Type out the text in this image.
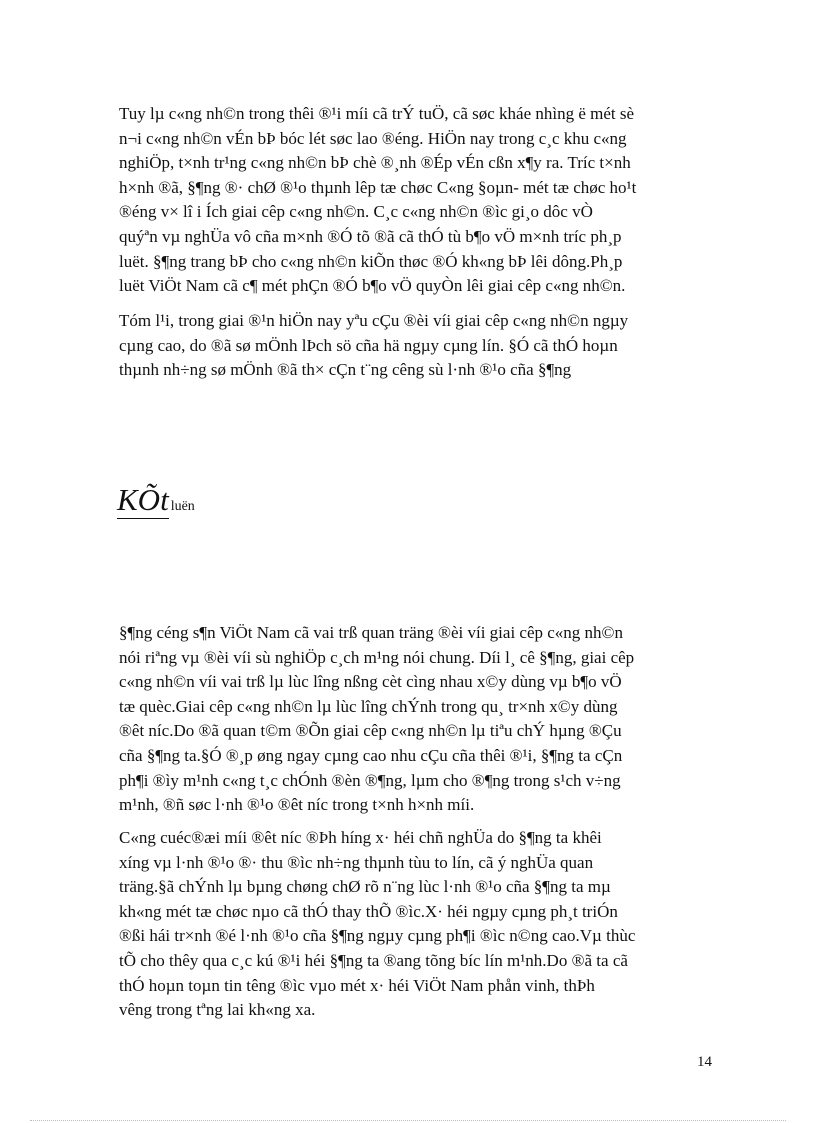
Tuy lµ c«ng nh©n trong thêi ®¹i míi cã trÝ tuÖ, cã søc kháe nhìng ë mét sè
n¬i c«ng nh©n vÉn bÞ bóc lét søc lao ®éng. HiÖn nay trong c¸c khu c«ng
nghiÖp, t×nh tr¹ng c«ng nh©n bÞ chè ®¸nh ®Ép vÉn cßn x¶y ra. Tríc t×nh
h×nh ®ã, §¶ng ®· chØ ®¹o thµnh lêp tæ chøc C«ng §oµn- mét tæ chøc ho¹t
®éng v× lî i Ích giai cêp c«ng nh©n. C¸c c«ng nh©n ®ìc gi¸o dôc vÒ
quýªn vµ nghÜa vô cña m×nh ®Ó tõ ®ã cã thÓ tù b¶o vÖ m×nh tríc ph¸p
luët. §¶ng trang bÞ cho c«ng nh©n kiÕn thøc ®Ó kh«ng bÞ lêi dông.Ph¸p
luët ViÖt Nam cã c¶ mét phÇn ®Ó b¶o vÖ quyÒn lêi giai cêp c«ng nh©n.

Tóm l¹i, trong giai ®¹n hiÖn nay yªu cÇu ®èi víi giai cêp c«ng nh©n ngµy
cµng cao, do ®ã sø mÖnh lÞch sö cña hä ngµy cµng lín. §Ó cã thÓ hoµn
thµnh nh÷ng sø mÖnh ®ã th× cÇn t¨ng cêng sù l·nh ®¹o cña §¶ng

KÕt luën

§¶ng céng s¶n ViÖt Nam cã vai trß quan träng ®èi víi giai cêp c«ng nh©n
nói riªng vµ ®èi víi sù nghiÖp c¸ch m¹ng nói chung. Díi l¸ cê §¶ng, giai cêp
c«ng nh©n víi vai trß lµ lùc lîng nßng cèt cìng nhau x©y dùng vµ b¶o vÖ
tæ quèc.Giai cêp c«ng nh©n lµ lùc lîng chÝnh trong qu¸ tr×nh x©y dùng
®êt níc.Do ®ã quan t©m ®Õn giai cêp c«ng nh©n lµ tiªu chÝ hµng ®Çu
cña §¶ng ta.§Ó ®¸p øng ngay cµng cao nhu cÇu cña thêi ®¹i, §¶ng ta cÇn
ph¶i ®ìy m¹nh c«ng t¸c chÓnh ®èn ®¶ng, lµm cho ®¶ng trong s¹ch v÷ng
m¹nh, ®ñ søc l·nh ®¹o ®êt níc trong t×nh h×nh míi.

C«ng cuéc®æi míi ®êt níc ®Þh híng x· héi chñ nghÜa do §¶ng ta khêi
xíng vµ l·nh ®¹o ®· thu ®ìc nh÷ng thµnh tùu to lín, cã ý nghÜa quan
träng.§ã chÝnh lµ bµng chøng chØ rõ n¨ng lùc l·nh ®¹o cña §¶ng ta mµ
kh«ng mét tæ chøc nµo cã thÓ thay thÕ ®ìc.X· héi ngµy cµng ph¸t triÓn
®ßi hái tr×nh ®é l·nh ®¹o cña §¶ng ngµy cµng ph¶i ®ìc n©ng cao.Vµ thùc
tÕ cho thêy qua c¸c kú ®¹i héi §¶ng ta ®ang tõng bíc lín m¹nh.Do ®ã ta cã
thÓ hoµn toµn tin têng ®ìc vµo mét x· héi ViÖt Nam phån vinh, thÞh
vêng trong tªng lai kh«ng xa.

14
